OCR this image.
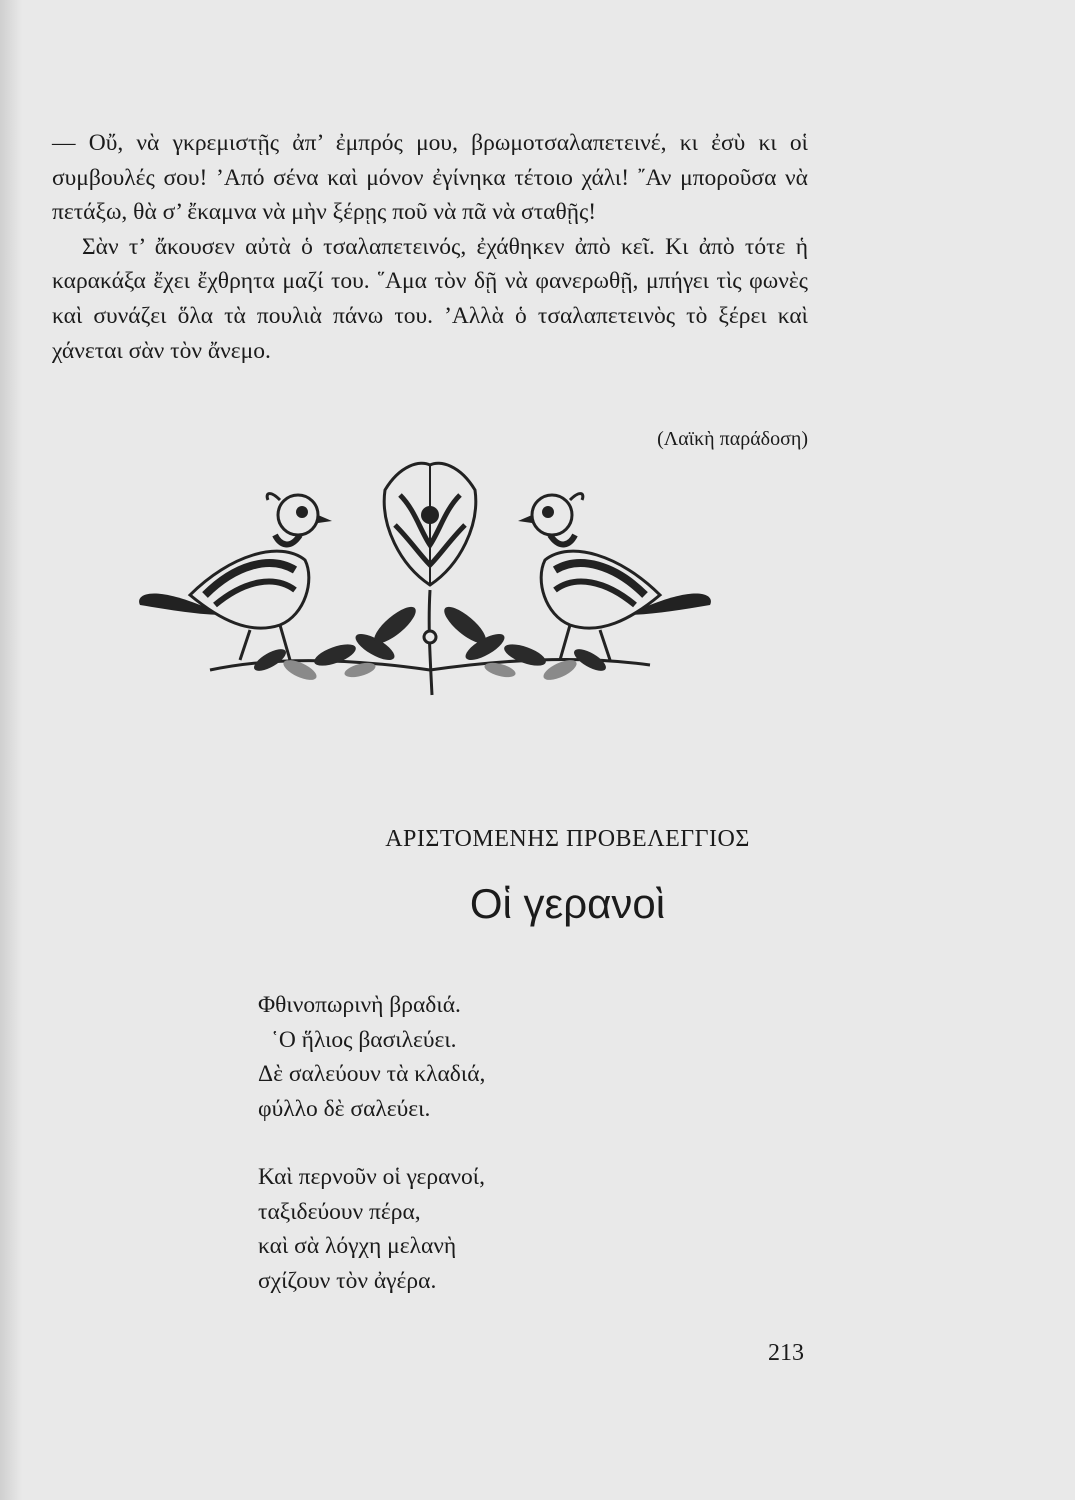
— Οὔ, νὰ γκρεμιστῇς ἀπ’ ἐμπρός μου, βρωμοτσαλαπετεινέ, κι ἐσὺ κι οἱ συμβουλές σου! ’Από σένα καὶ μόνον ἐγίνηκα τέτοιο χάλι! ῎Αν μποροῦσα νὰ πετάξω, θὰ σ’ ἔκαμνα νὰ μὴν ξέρῃς ποῦ νὰ πᾶ νὰ σταθῇς!

Σὰν τ’ ἄκουσεν αὐτὰ ὁ τσαλαπετεινός, ἐχάθηκεν ἀπὸ κεῖ. Κι ἀπὸ τότε ἡ καρακάξα ἔχει ἔχθρητα μαζί του. ῞Αμα τὸν δῇ νὰ φανερωθῇ, μπήγει τὶς φωνὲς καὶ συνάζει ὅλα τὰ πουλιὰ πάνω του. ’Αλλὰ ὁ τσαλαπετεινὸς τὸ ξέρει καὶ χάνεται σὰν τὸν ἄνεμο.

(Λαϊκὴ παράδοση)
ΑΡΙΣΤΟΜΕΝΗΣ ΠΡΟΒΕΛΕΓΓΙΟΣ
Οἱ γερανοὶ
Φθινοπωρινὴ βραδιά.
῾Ο ἥλιος βασιλεύει.
Δὲ σαλεύουν τὰ κλαδιά,
φύλλο δὲ σαλεύει.
Καὶ περνοῦν οἱ γερανοί,
ταξιδεύουν πέρα,
καὶ σὰ λόγχη μελανὴ
σχίζουν τὸν ἀγέρα.
213
